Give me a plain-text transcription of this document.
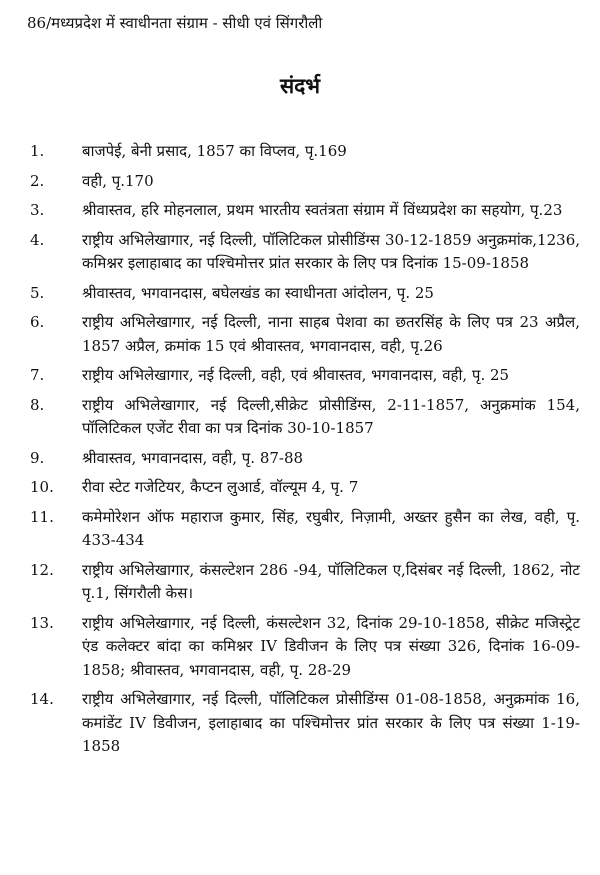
86/मध्यप्रदेश में स्वाधीनता संग्राम - सीधी एवं सिंगरौली
संदर्भ
1.	बाजपेई, बेनी प्रसाद, 1857 का विप्लव, पृ.169
2.	वही, पृ.170
3.	श्रीवास्तव, हरि मोहनलाल, प्रथम भारतीय स्वतंत्रता संग्राम में विंध्यप्रदेश का सहयोग, पृ.23
4.	राष्ट्रीय अभिलेखागार, नई दिल्ली, पॉलिटिकल प्रोसीडिंग्स 30-12-1859 अनुक्रमांक,1236, कमिश्नर इलाहाबाद का पश्चिमोत्तर प्रांत सरकार के लिए पत्र दिनांक 15-09-1858
5.	श्रीवास्तव, भगवानदास, बघेलखंड का स्वाधीनता आंदोलन, पृ. 25
6.	राष्ट्रीय अभिलेखागार, नई दिल्ली, नाना साहब पेशवा का छतरसिंह के लिए पत्र 23 अप्रैल, 1857 अप्रैल, क्रमांक 15 एवं श्रीवास्तव, भगवानदास, वही, पृ.26
7.	राष्ट्रीय अभिलेखागार, नई दिल्ली, वही, एवं श्रीवास्तव, भगवानदास, वही, पृ. 25
8.	राष्ट्रीय अभिलेखागार, नई दिल्ली,सीक्रेट प्रोसीडिंग्स, 2-11-1857, अनुक्रमांक 154, पॉलिटिकल एजेंट रीवा का पत्र दिनांक 30-10-1857
9.	श्रीवास्तव, भगवानदास, वही, पृ. 87-88
10.	रीवा स्टेट गजेटियर, कैप्टन लुआर्ड, वॉल्यूम 4, पृ. 7
11.	कमेमोरेशन ऑफ महाराज कुमार, सिंह, रघुबीर, निज़ामी, अख्तर हुसैन का लेख, वही, पृ. 433-434
12.	राष्ट्रीय अभिलेखागार, कंसल्टेशन 286 -94, पॉलिटिकल ए,दिसंबर नई दिल्ली, 1862, नोट पृ.1, सिंगरौली केस।
13.	राष्ट्रीय अभिलेखागार, नई दिल्ली, कंसल्टेशन 32, दिनांक 29-10-1858, सीक्रेट मजिस्ट्रेट एंड कलेक्टर बांदा का कमिश्नर IV डिवीजन के लिए पत्र संख्या 326, दिनांक 16-09-1858; श्रीवास्तव, भगवानदास, वही, पृ. 28-29
14.	राष्ट्रीय अभिलेखागार, नई दिल्ली, पॉलिटिकल प्रोसीडिंग्स 01-08-1858, अनुक्रमांक 16, कमांडेंट IV डिवीजन, इलाहाबाद का पश्चिमोत्तर प्रांत सरकार के लिए पत्र संख्या 1-19-1858
